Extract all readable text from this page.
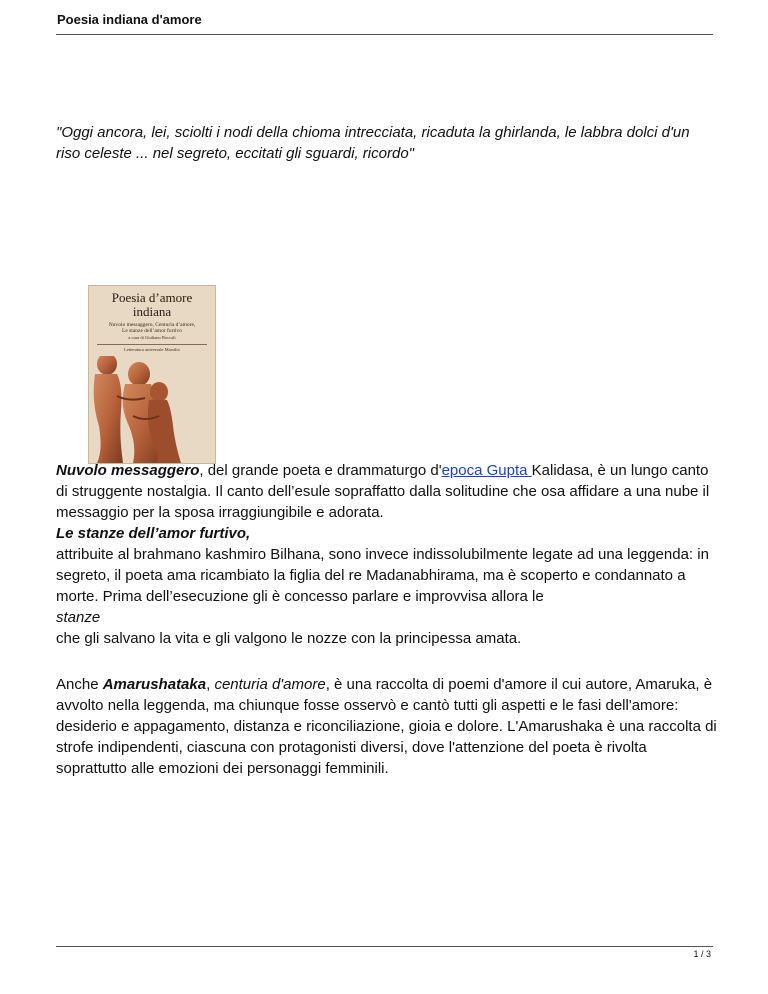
Poesia indiana d'amore
"Oggi ancora, lei, sciolti i nodi della chioma intrecciata, ricaduta la ghirlanda, le labbra dolci d'un riso celeste ... nel segreto, eccitati gli sguardi, ricordo"
Poesia d’amore
indiana
Nuvolo messaggero, Centuria d’amore,
Le stanze dell’amor furtivo
a cura di Giuliano Boccali
Letteratura universale Marsilio
Nuvolo messaggero, del grande poeta e drammaturgo d'epoca Gupta Kalidasa, è un lungo canto di struggente nostalgia. Il canto dell’esule sopraffatto dalla solitudine che osa affidare a una nube il messaggio per la sposa irraggiungibile e adorata.
Le stanze dell’amor furtivo,
attribuite al brahmano kashmiro Bilhana, sono invece indissolubilmente legate ad una leggenda: in segreto, il poeta ama ricambiato la figlia del re Madanabhirama, ma è scoperto e condannato a morte. Prima dell’esecuzione gli è concesso parlare e improvvisa allora le
stanze
che gli salvano la vita e gli valgono le nozze con la principessa amata.
Anche Amarushataka, centuria d'amore, è una raccolta di poemi d'amore il cui autore, Amaruka, è avvolto nella leggenda, ma chiunque fosse osservò e cantò tutti gli aspetti e le fasi dell'amore: desiderio e appagamento, distanza e riconciliazione, gioia e dolore. L'Amarushaka è una raccolta di strofe indipendenti, ciascuna con protagonisti diversi, dove l'attenzione del poeta è rivolta soprattutto alle emozioni dei personaggi femminili.
1 / 3
